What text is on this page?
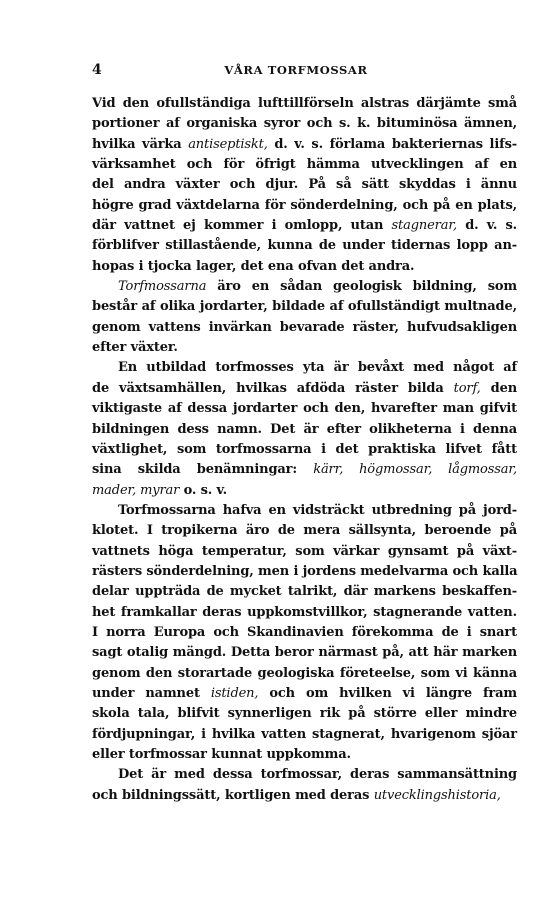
4	VÅRA TORFMOSSAR
Vid den ofullständiga lufttillförseln alstras därjämte små
portioner af organiska syror och s. k. bituminösa ämnen,
hvilka värka antiseptiskt, d. v. s. förlama bakteriernas lifs-
värksamhet och för öfrigt hämma utvecklingen af en
del andra växter och djur. På så sätt skyddas i ännu
högre grad växtdelarna för sönderdelning, och på en plats,
där vattnet ej kommer i omlopp, utan stagnerar, d. v. s.
förblifver stillastående, kunna de under tidernas lopp an-
hopas i tjocka lager, det ena ofvan det andra.
Torfmossarna äro en sådan geologisk bildning, som
består af olika jordarter, bildade af ofullständigt multnade,
genom vattens invärkan bevarade räster, hufvudsakligen
efter växter.
En utbildad torfmosses yta är bevåxt med något af
de växtsamhällen, hvilkas afdöda räster bilda torf, den
viktigaste af dessa jordarter och den, hvarefter man gifvit
bildningen dess namn. Det är efter olikheterna i denna
växtlighet, som torfmossarna i det praktiska lifvet fått
sina skilda benämningar: kärr, högmossar, lågmossar,
mader, myrar o. s. v.
Torfmossarna hafva en vidsträckt utbredning på jord-
klotet. I tropikerna äro de mera sällsynta, beroende på
vattnets höga temperatur, som värkar gynsamt på växt-
rästers sönderdelning, men i jordens medelvarma och kalla
delar uppträda de mycket talrikt, där markens beskaffen-
het framkallar deras uppkomstvillkor, stagnerande vatten.
I norra Europa och Skandinavien förekomma de i snart
sagt otalig mängd. Detta beror närmast på, att här marken
genom den storartade geologiska företeelse, som vi känna
under namnet istiden, och om hvilken vi längre fram
skola tala, blifvit synnerligen rik på större eller mindre
fördjupningar, i hvilka vatten stagnerat, hvarigenom sjöar
eller torfmossar kunnat uppkomma.
Det är med dessa torfmossar, deras sammansättning
och bildningssätt, kortligen med deras utvecklingshistoria,
